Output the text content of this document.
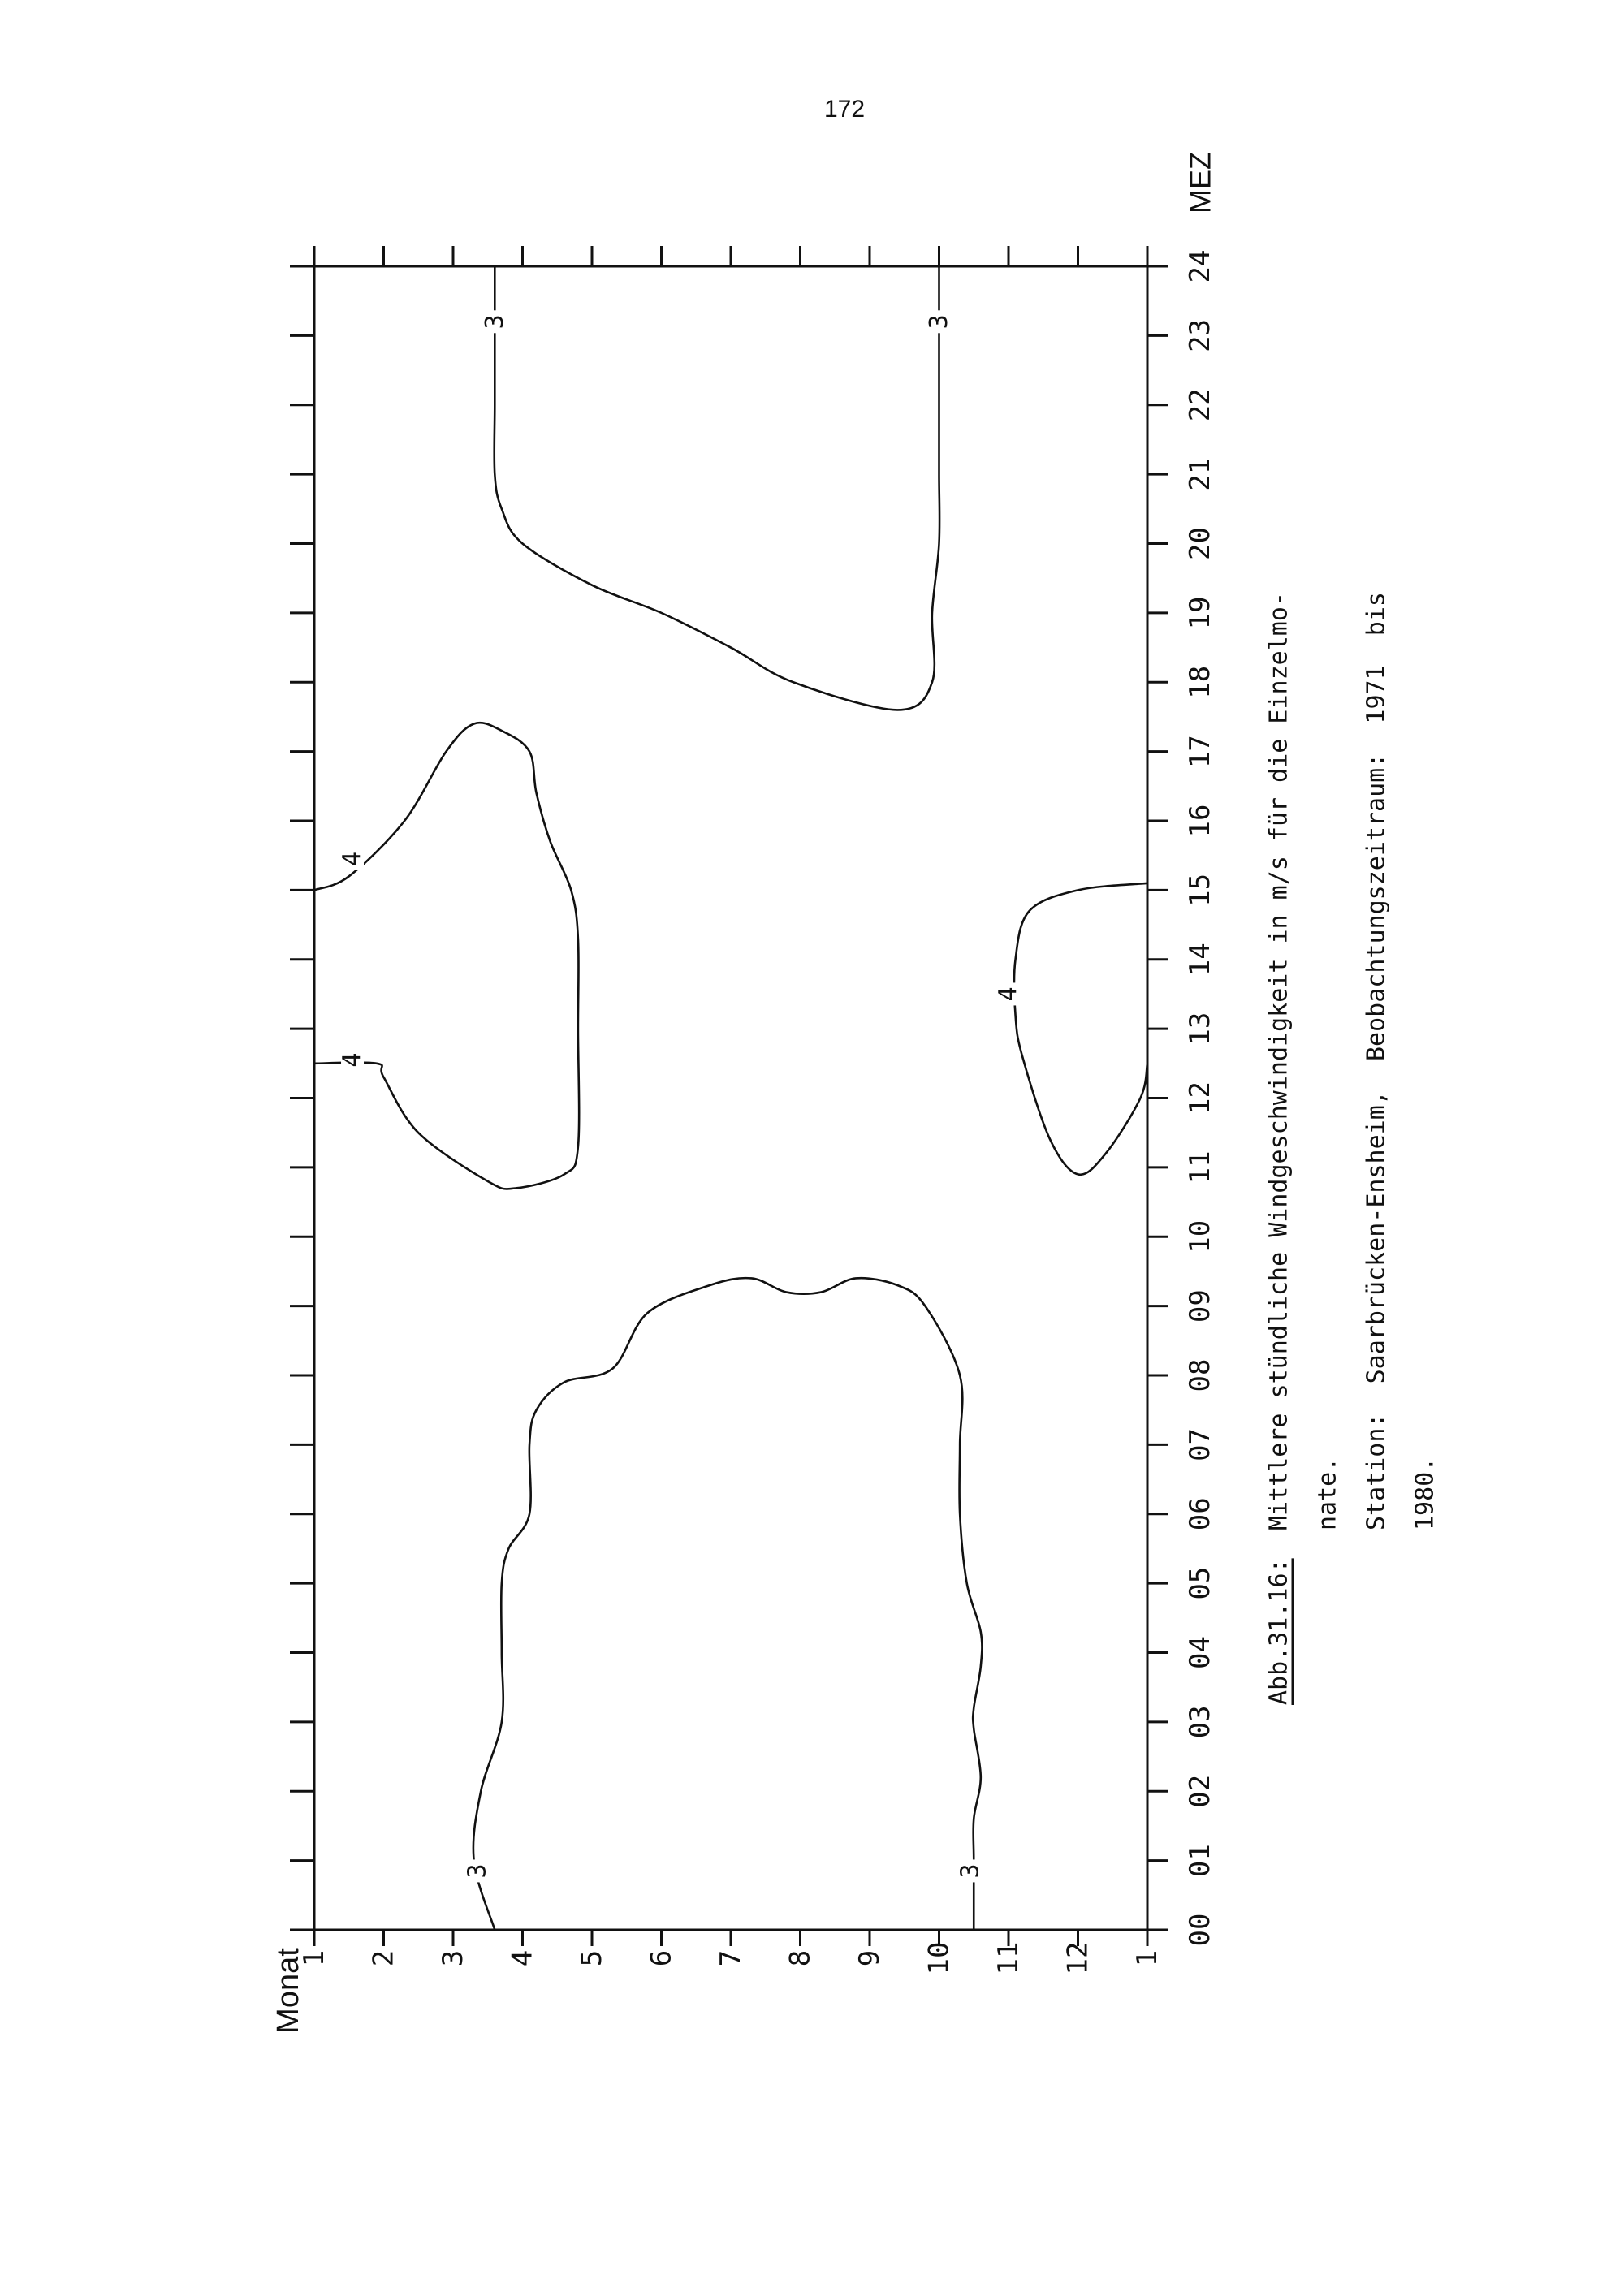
172
00
01
02
03
04
05
06
07
08
09
10
11
12
13
14
15
16
17
18
19
20
21
22
23
24
MEZ
1 2 3 4 5 6 7 8 9 10 11 12 1
Monat
3	3
3	3
4
4
4
Abb.31.16:
Mittlere stündliche Windgeschwindigkeit in m/s für die Einzelmo- nate. Station:  Saarbrücken-Ensheim,  Beobachtungszeitraum:  1971  bis 1980.
